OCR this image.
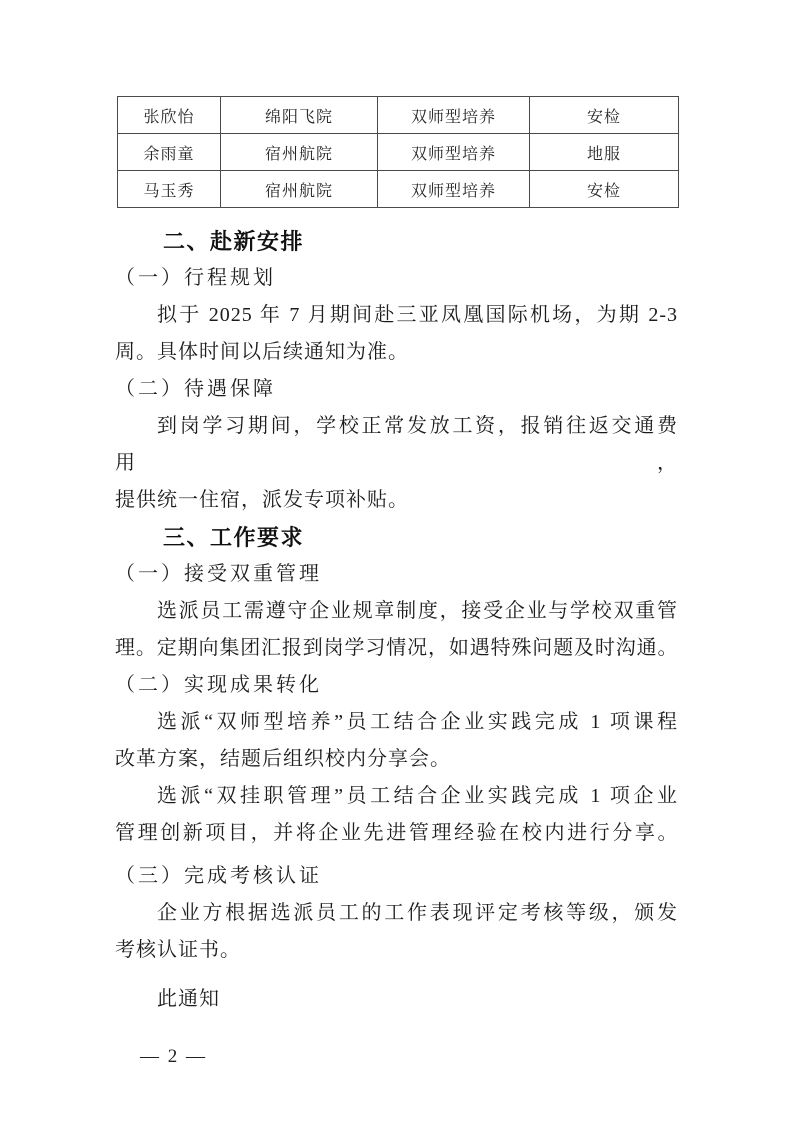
张欣怡	绵阳飞院	双师型培养	安检
余雨童	宿州航院	双师型培养	地服
马玉秀	宿州航院	双师型培养	安检
二、赴新安排
（一）行程规划
拟于 2025 年 7 月期间赴三亚凤凰国际机场，为期 2-3
周。具体时间以后续通知为准。
（二）待遇保障
到岗学习期间，学校正常发放工资，报销往返交通费用，
提供统一住宿，派发专项补贴。
三、工作要求
（一）接受双重管理
选派员工需遵守企业规章制度，接受企业与学校双重管
理。定期向集团汇报到岗学习情况，如遇特殊问题及时沟通。
（二）实现成果转化
选派“双师型培养”员工结合企业实践完成 1 项课程
改革方案，结题后组织校内分享会。
选派“双挂职管理”员工结合企业实践完成 1 项企业
管理创新项目，并将企业先进管理经验在校内进行分享。
（三）完成考核认证
企业方根据选派员工的工作表现评定考核等级，颁发
考核认证书。
此通知
— 2 —
